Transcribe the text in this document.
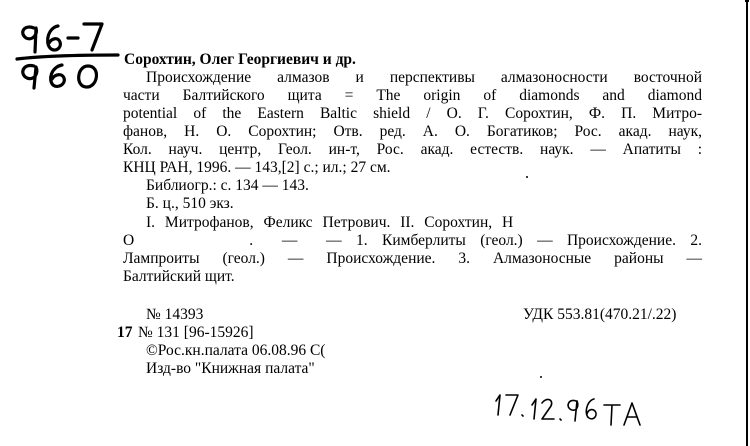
Сорохтин, Олег Георгиевич и др.
Происхождение алмазов и перспективы алмазоносности восточной
части Балтийского щита = The origin of diamonds and diamond
potential of the Eastern Baltic shield / О. Г. Сорохтин, Ф. П. Митро-
фанов, Н. О. Сорохтин; Отв. ред. А. О. Богатиков; Рос. акад. наук,
Кол. науч. центр, Геол. ин-т, Рос. акад. естеств. наук. — Апатиты :
КНЦ РАН, 1996. — 143,[2] с.; ил.; 27 см.
Библиогр.: с. 134 — 143.
Б. ц., 510 экз.
I. Митрофанов, Феликс Петрович. II. Сорохтин, Н
О        .  —  — 1. Кимберлиты (геол.) — Происхождение. 2.
Лампроиты (геол.) — Происхождение. 3. Алмазоносные районы —
Балтийский щит.
№ 14393	УДК 553.81(470.21/.22)
17 № 131 [96-15926]
©Рос.кн.палата 06.08.96 С(
Изд-во "Книжная палата"
